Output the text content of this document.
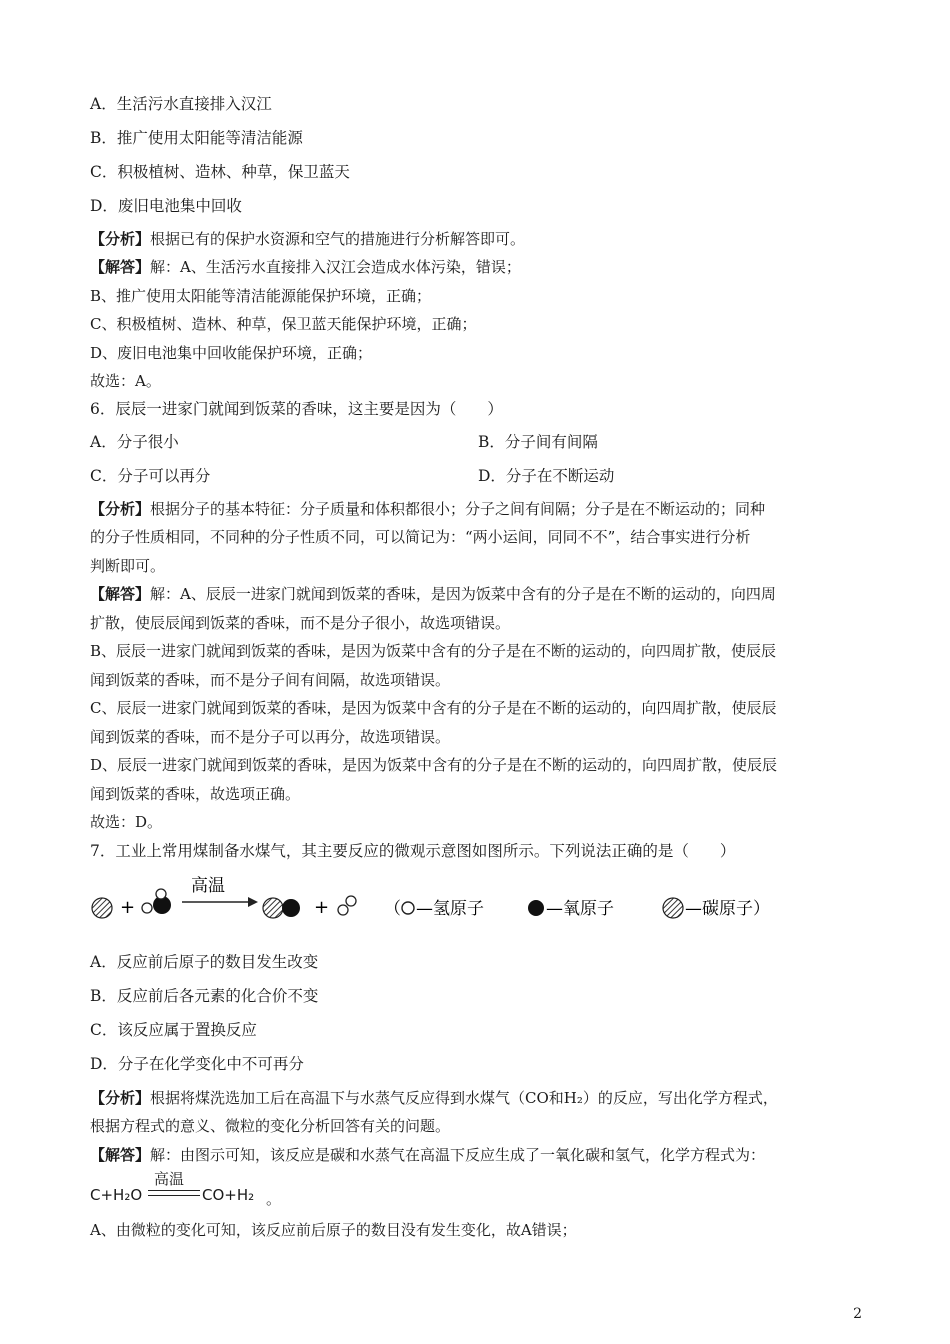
A．生活污水直接排入汉江
B．推广使用太阳能等清洁能源
C．积极植树、造林、种草，保卫蓝天
D．废旧电池集中回收
【分析】根据已有的保护水资源和空气的措施进行分析解答即可。
【解答】解：A、生活污水直接排入汉江会造成水体污染，错误；
B、推广使用太阳能等清洁能源能保护环境，正确；
C、积极植树、造林、种草，保卫蓝天能保护环境，正确；
D、废旧电池集中回收能保护环境，正确；
故选：A。
6．辰辰一进家门就闻到饭菜的香味，这主要是因为（　　）
A．分子很小	B．分子间有间隔
C．分子可以再分	D．分子在不断运动
【分析】根据分子的基本特征：分子质量和体积都很小；分子之间有间隔；分子是在不断运动的；同种
的分子性质相同，不同种的分子性质不同，可以简记为：“两小运间，同同不不”，结合事实进行分析
判断即可。
【解答】解：A、辰辰一进家门就闻到饭菜的香味，是因为饭菜中含有的分子是在不断的运动的，向四周
扩散，使辰辰闻到饭菜的香味，而不是分子很小，故选项错误。
B、辰辰一进家门就闻到饭菜的香味，是因为饭菜中含有的分子是在不断的运动的，向四周扩散，使辰辰
闻到饭菜的香味，而不是分子间有间隔，故选项错误。
C、辰辰一进家门就闻到饭菜的香味，是因为饭菜中含有的分子是在不断的运动的，向四周扩散，使辰辰
闻到饭菜的香味，而不是分子可以再分，故选项错误。
D、辰辰一进家门就闻到饭菜的香味，是因为饭菜中含有的分子是在不断的运动的，向四周扩散，使辰辰
闻到饭菜的香味，故选项正确。
故选：D。
7．工业上常用煤制备水煤气，其主要反应的微观示意图如图所示。下列说法正确的是（　　）
+
高温
+	（ —氢原子	—氧原子	—碳原子）
A．反应前后原子的数目发生改变
B．反应前后各元素的化合价不变
C．该反应属于置换反应
D．分子在化学变化中不可再分
【分析】根据将煤洗选加工后在高温下与水蒸气反应得到水煤气（CO和H₂）的反应，写出化学方程式，
根据方程式的意义、微粒的变化分析回答有关的问题。
【解答】解：由图示可知，该反应是碳和水蒸气在高温下反应生成了一氧化碳和氢气，化学方程式为：
C+H₂O
高温
CO+H₂ 。
A、由微粒的变化可知，该反应前后原子的数目没有发生变化，故A错误；
2
